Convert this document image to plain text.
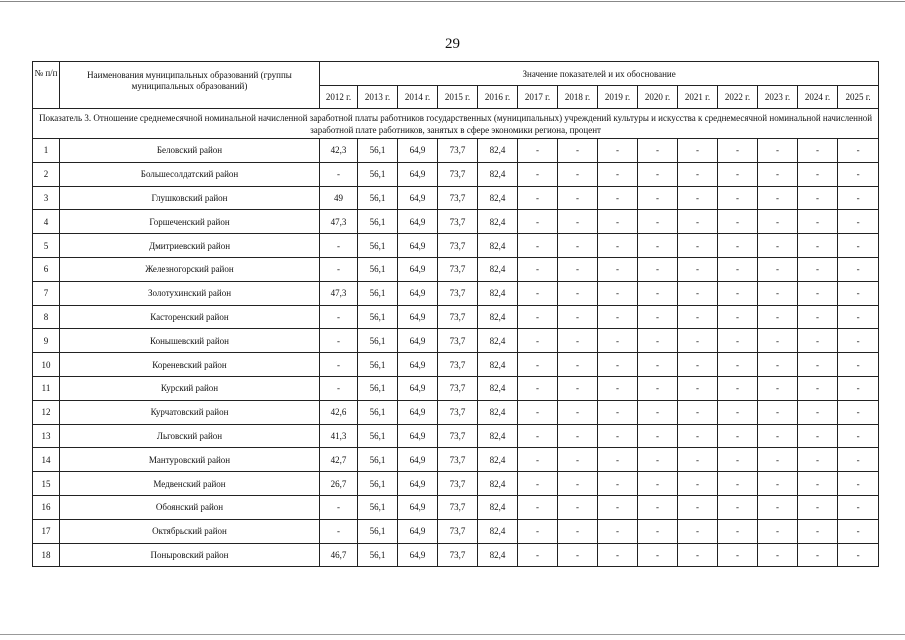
29
№ п/п	Наименования муниципальных образований (группы муниципальных образований)	Значение показателей и их обоснование													
		2012 г.	2013 г.	2014 г.	2015 г.	2016 г.	2017 г.	2018 г.	2019 г.	2020 г.	2021 г.	2022 г.	2023 г.	2024 г.	2025 г.
Показатель 3. Отношение среднемесячной номинальной начисленной заработной платы работников государственных (муниципальных) учреждений культуры и искусства к среднемесячной номинальной начисленной заработной плате работников, занятых в сфере экономики региона, процент															
1	Беловский район	42,3	56,1	64,9	73,7	82,4	-	-	-	-	-	-	-	-	-
2	Большесолдатский район	-	56,1	64,9	73,7	82,4	-	-	-	-	-	-	-	-	-
3	Глушковский район	49	56,1	64,9	73,7	82,4	-	-	-	-	-	-	-	-	-
4	Горшеченский район	47,3	56,1	64,9	73,7	82,4	-	-	-	-	-	-	-	-	-
5	Дмитриевский район	-	56,1	64,9	73,7	82,4	-	-	-	-	-	-	-	-	-
6	Железногорский район	-	56,1	64,9	73,7	82,4	-	-	-	-	-	-	-	-	-
7	Золотухинский район	47,3	56,1	64,9	73,7	82,4	-	-	-	-	-	-	-	-	-
8	Касторенский район	-	56,1	64,9	73,7	82,4	-	-	-	-	-	-	-	-	-
9	Конышевский район	-	56,1	64,9	73,7	82,4	-	-	-	-	-	-	-	-	-
10	Кореневский район	-	56,1	64,9	73,7	82,4	-	-	-	-	-	-	-	-	-
11	Курский район	-	56,1	64,9	73,7	82,4	-	-	-	-	-	-	-	-	-
12	Курчатовский район	42,6	56,1	64,9	73,7	82,4	-	-	-	-	-	-	-	-	-
13	Льговский район	41,3	56,1	64,9	73,7	82,4	-	-	-	-	-	-	-	-	-
14	Мантуровский район	42,7	56,1	64,9	73,7	82,4	-	-	-	-	-	-	-	-	-
15	Медвенский район	26,7	56,1	64,9	73,7	82,4	-	-	-	-	-	-	-	-	-
16	Обоянский район	-	56,1	64,9	73,7	82,4	-	-	-	-	-	-	-	-	-
17	Октябрьский район	-	56,1	64,9	73,7	82,4	-	-	-	-	-	-	-	-	-
18	Поныровский район	46,7	56,1	64,9	73,7	82,4	-	-	-	-	-	-	-	-	-
